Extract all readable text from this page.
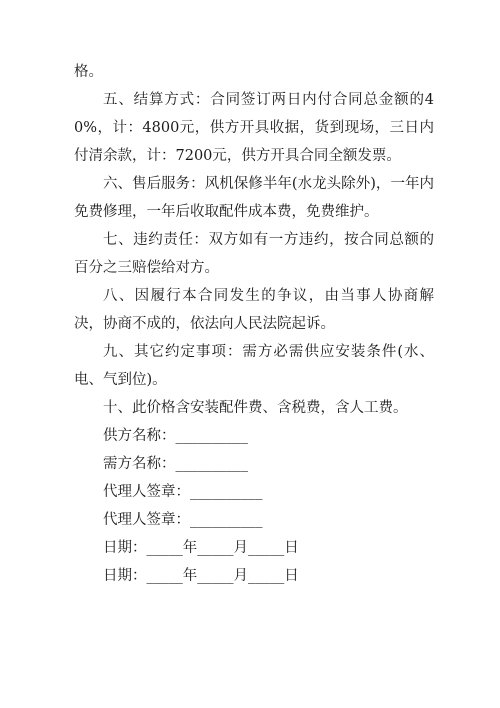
格。

五、结算方式：合同签订两日内付合同总金额的40%，计：4800元，供方开具收据，货到现场，三日内付清余款，计：7200元，供方开具合同全额发票。

六、售后服务：风机保修半年(水龙头除外)，一年内免费修理，一年后收取配件成本费，免费维护。

七、违约责任：双方如有一方违约，按合同总额的百分之三赔偿给对方。

八、因履行本合同发生的争议，由当事人协商解决，协商不成的，依法向人民法院起诉。

九、其它约定事项：需方必需供应安装条件(水、电、气到位)。

十、此价格含安装配件费、含税费，含人工费。

供方名称：__________

需方名称：__________

代理人签章：__________

代理人签章：__________

日期：_____年_____月_____日

日期：_____年_____月_____日
